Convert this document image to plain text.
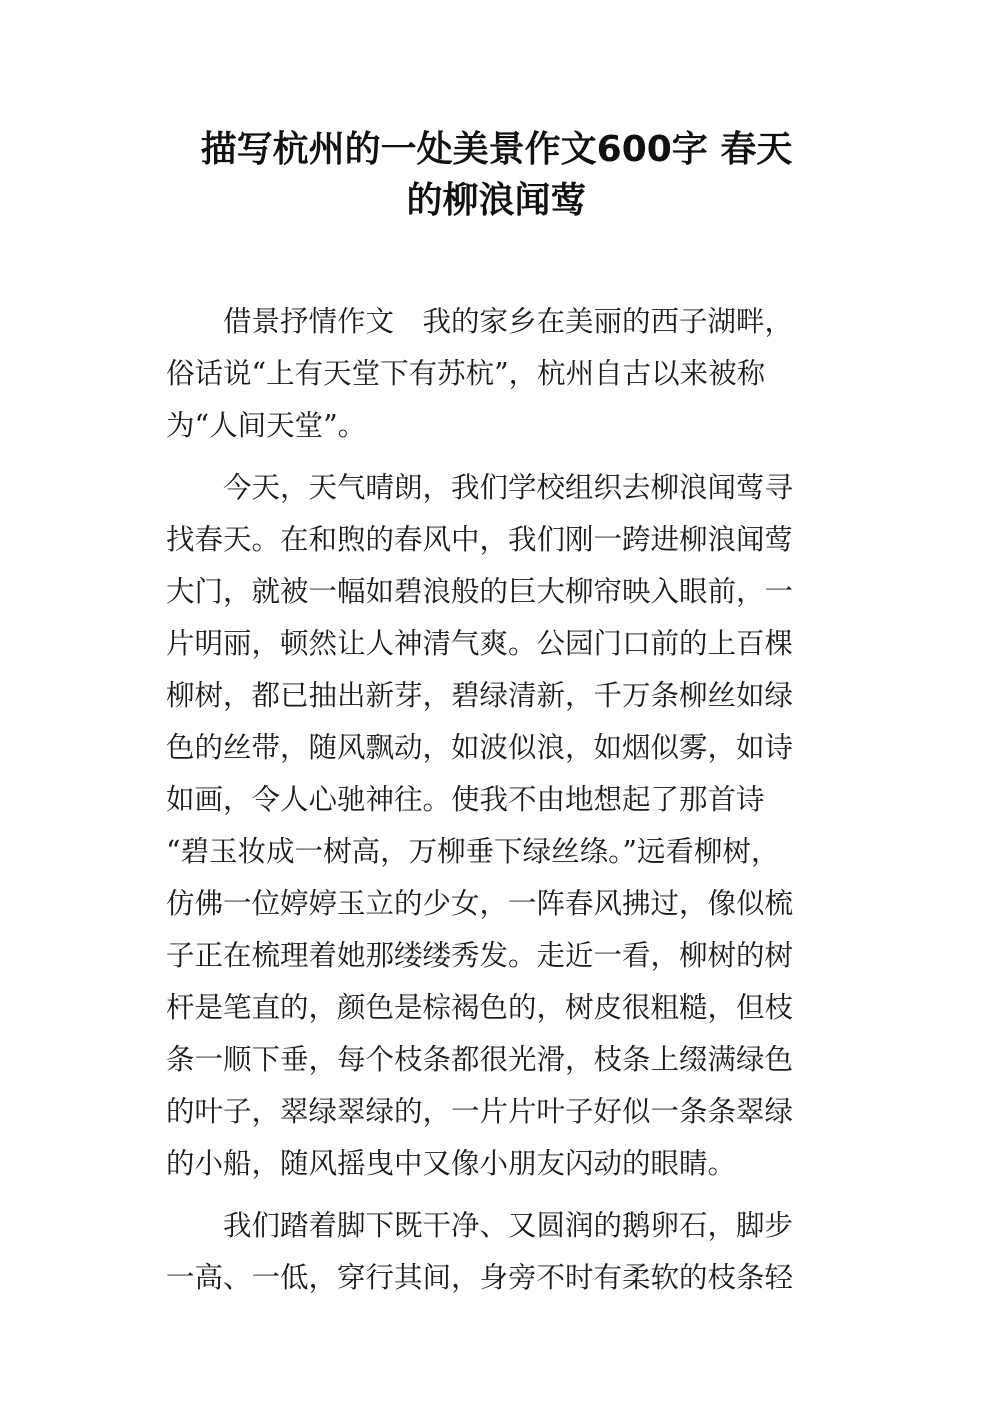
描写杭州的一处美景作文600字 春天
的柳浪闻莺
　　借景抒情作文　我的家乡在美丽的西子湖畔，
俗话说“上有天堂下有苏杭”，杭州自古以来被称
为“人间天堂”。
　　今天，天气晴朗，我们学校组织去柳浪闻莺寻
找春天。在和煦的春风中，我们刚一跨进柳浪闻莺
大门，就被一幅如碧浪般的巨大柳帘映入眼前，一
片明丽，顿然让人神清气爽。公园门口前的上百棵
柳树，都已抽出新芽，碧绿清新，千万条柳丝如绿
色的丝带，随风飘动，如波似浪，如烟似雾，如诗
如画，令人心驰神往。使我不由地想起了那首诗
“碧玉妆成一树高，万柳垂下绿丝绦。”远看柳树，
仿佛一位婷婷玉立的少女，一阵春风拂过，像似梳
子正在梳理着她那缕缕秀发。走近一看，柳树的树
杆是笔直的，颜色是棕褐色的，树皮很粗糙，但枝
条一顺下垂，每个枝条都很光滑，枝条上缀满绿色
的叶子，翠绿翠绿的，一片片叶子好似一条条翠绿
的小船，随风摇曳中又像小朋友闪动的眼睛。
　　我们踏着脚下既干净、又圆润的鹅卵石，脚步
一高、一低，穿行其间，身旁不时有柔软的枝条轻
